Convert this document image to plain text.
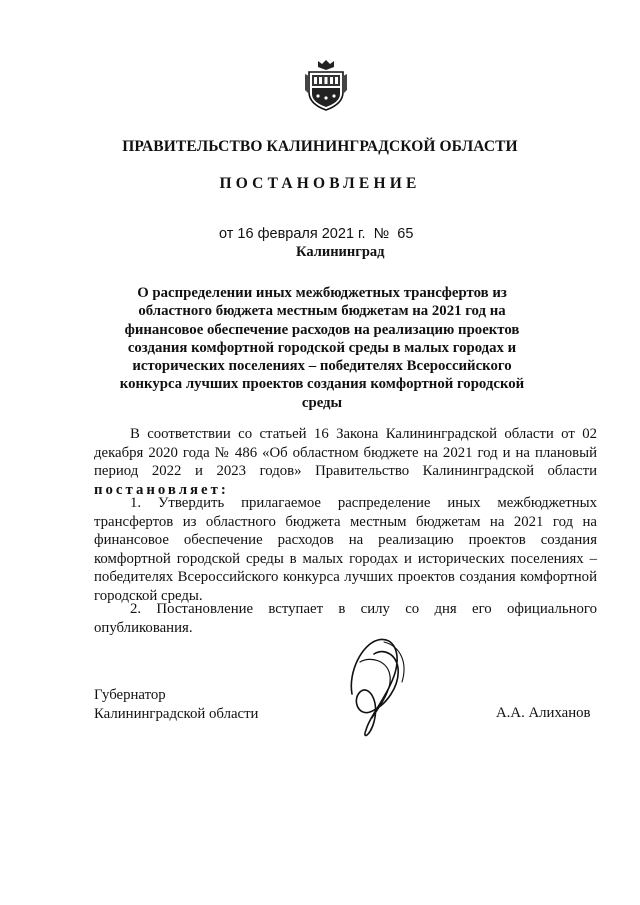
ПРАВИТЕЛЬСТВО КАЛИНИНГРАДСКОЙ ОБЛАСТИ
ПОСТАНОВЛЕНИЕ
от 16 февраля 2021 г. № 65
Калининград
О распределении иных межбюджетных трансфертов из областного бюджета местным бюджетам на 2021 год на финансовое обеспечение расходов на реализацию проектов создания комфортной городской среды в малых городах и исторических поселениях – победителях Всероссийского конкурса лучших проектов создания комфортной городской среды
В соответствии со статьей 16 Закона Калининградской области от 02 декабря 2020 года № 486 «Об областном бюджете на 2021 год и на плановый период 2022 и 2023 годов» Правительство Калининградской области постановляет:
1. Утвердить прилагаемое распределение иных межбюджетных трансфертов из областного бюджета местным бюджетам на 2021 год на финансовое обеспечение расходов на реализацию проектов создания комфортной городской среды в малых городах и исторических поселениях – победителях Всероссийского конкурса лучших проектов создания комфортной городской среды.
2. Постановление вступает в силу со дня его официального опубликования.
Губернатор
Калининградской области	А.А. Алиханов
